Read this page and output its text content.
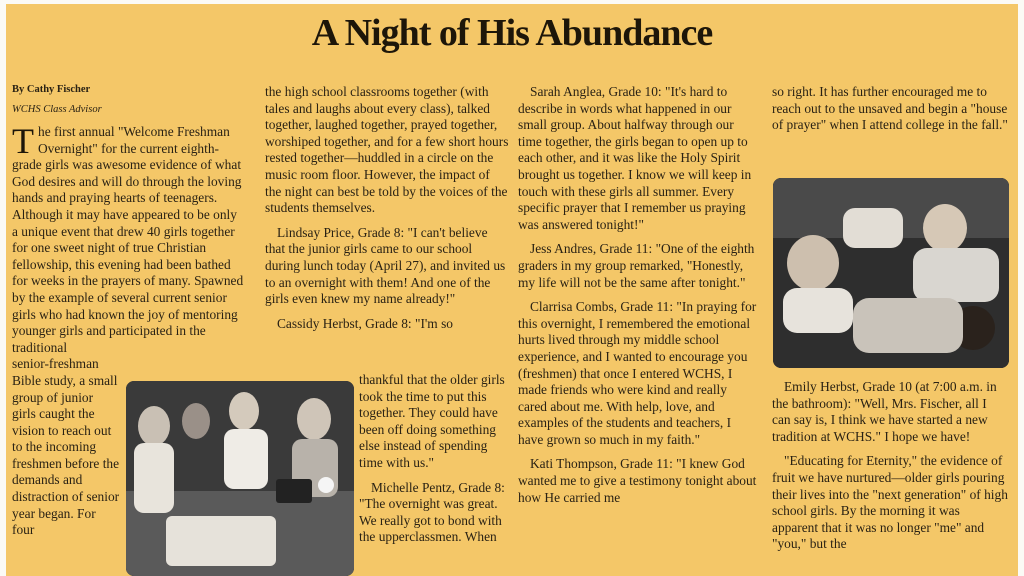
A Night of His Abundance

By Cathy Fischer

WCHS Class Advisor

The first annual "Welcome Freshman Overnight" for the current eighth-grade girls was awesome evidence of what God desires and will do through the loving hands and praying hearts of teenagers. Although it may have appeared to be only a unique event that drew 40 girls together for one sweet night of true Christian fellowship, this evening had been bathed for weeks in the prayers of many. Spawned by the example of several current senior girls who had known the joy of mentoring younger girls and participated in the traditional

senior-freshman Bible study, a small group of junior girls caught the vision to reach out to the incoming freshmen before the demands and distraction of senior year began. For four

the high school classrooms together (with tales and laughs about every class), talked together, laughed together, prayed together, worshiped together, and for a few short hours rested together—huddled in a circle on the music room floor. However, the impact of the night can best be told by the voices of the students themselves.

Lindsay Price, Grade 8: "I can't believe that the junior girls came to our school during lunch today (April 27), and invited us to an overnight with them! And one of the girls even knew my name already!"

Cassidy Herbst, Grade 8: "I'm so

thankful that the older girls took the time to put this together. They could have been off doing something else instead of spending time with us."

Michelle Pentz, Grade 8: "The overnight was great. We really got to bond with the upperclassmen. When

Sarah Anglea, Grade 10: "It's hard to describe in words what happened in our small group. About halfway through our time together, the girls began to open up to each other, and it was like the Holy Spirit brought us together. I know we will keep in touch with these girls all summer. Every specific prayer that I remember us praying was answered tonight!"

Jess Andres, Grade 11: "One of the eighth graders in my group remarked, "Honestly, my life will not be the same after tonight."

Clarrisa Combs, Grade 11: "In praying for this overnight, I remembered the emotional hurts lived through my middle school experience, and I wanted to encourage you (freshmen) that once I entered WCHS, I made friends who were kind and really cared about me. With help, love, and examples of the students and teachers, I have grown so much in my faith."

Kati Thompson, Grade 11: "I knew God wanted me to give a testimony tonight about how He carried me

so right. It has further encouraged me to reach out to the unsaved and begin a "house of prayer" when I attend college in the fall."

Emily Herbst, Grade 10 (at 7:00 a.m. in the bathroom): "Well, Mrs. Fischer, all I can say is, I think we have started a new tradition at WCHS." I hope we have!

"Educating for Eternity," the evidence of fruit we have nurtured—older girls pouring their lives into the "next generation" of high school girls. By the morning it was apparent that it was no longer "me" and "you," but the
